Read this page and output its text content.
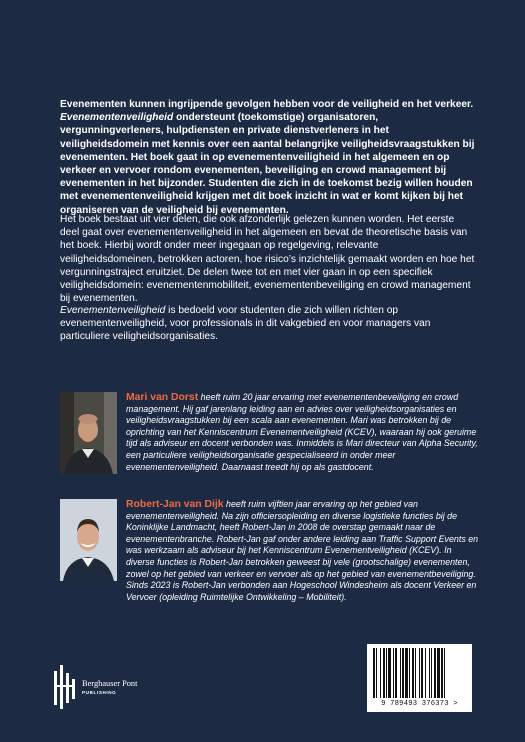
Evenementen kunnen ingrijpende gevolgen hebben voor de veiligheid en het verkeer.
Evenementenveiligheid ondersteunt (toekomstige) organisatoren, vergunningverleners, hulpdiensten en private dienstverleners in het veiligheidsdomein met kennis over een aantal belangrijke veiligheidsvraagstukken bij evenementen. Het boek gaat in op evenementenveiligheid in het algemeen en op verkeer en vervoer rondom evenementen, beveiliging en crowd management bij evenementen in het bijzonder. Studenten die zich in de toekomst bezig willen houden met evenementenveiligheid krijgen met dit boek inzicht in wat er komt kijken bij het organiseren van de veiligheid bij evenementen.
Het boek bestaat uit vier delen, die ook afzonderlijk gelezen kunnen worden. Het eerste deel gaat over evenementenveiligheid in het algemeen en bevat de theoretische basis van het boek. Hierbij wordt onder meer ingegaan op regelgeving, relevante veiligheidsdomeinen, betrokken actoren, hoe risico’s inzichtelijk gemaakt worden en hoe het vergunningstraject eruitziet. De delen twee tot en met vier gaan in op een specifiek veiligheidsdomein: evenementenmobiliteit, evenementenbeveiliging en crowd management bij evenementen.
Evenementenveiligheid is bedoeld voor studenten die zich willen richten op evenementenveiligheid, voor professionals in dit vakgebied en voor managers van particuliere veiligheidsorganisaties.
Mari van Dorst heeft ruim 20 jaar ervaring met evenementenbeveiliging en crowd management. Hij gaf jarenlang leiding aan en advies over veiligheidsorganisaties en veiligheidsvraagstukken bij een scala aan evenementen. Mari was betrokken bij de oprichting van het Kenniscentrum Evenementveiligheid (KCEV), waaraan hij ook geruime tijd als adviseur en docent verbonden was. Inmiddels is Mari directeur van Alpha Security, een particuliere veiligheidsorganisatie gespecialiseerd in onder meer evenementenveiligheid. Daarnaast treedt hij op als gastdocent.
Robert-Jan van Dijk heeft ruim vijftien jaar ervaring op het gebied van evenementenveiligheid. Na zijn officiersopleiding en diverse logistieke functies bij de Koninklijke Landmacht, heeft Robert-Jan in 2008 de overstap gemaakt naar de evenementenbranche. Robert-Jan gaf onder andere leiding aan Traffic Support Events en was werkzaam als adviseur bij het Kenniscentrum Evenementveiligheid (KCEV). In diverse functies is Robert-Jan betrokken geweest bij vele (grootschalige) evenementen, zowel op het gebied van verkeer en vervoer als op het gebied van evenementbeveiliging. Sinds 2023 is Robert-Jan verbonden aan Hogeschool Windesheim als docent Verkeer en Vervoer (opleiding Ruimtelijke Ontwikkeling – Mobiliteit).
Berghauser Pont
PUBLISHING
9 789493 376373 >
